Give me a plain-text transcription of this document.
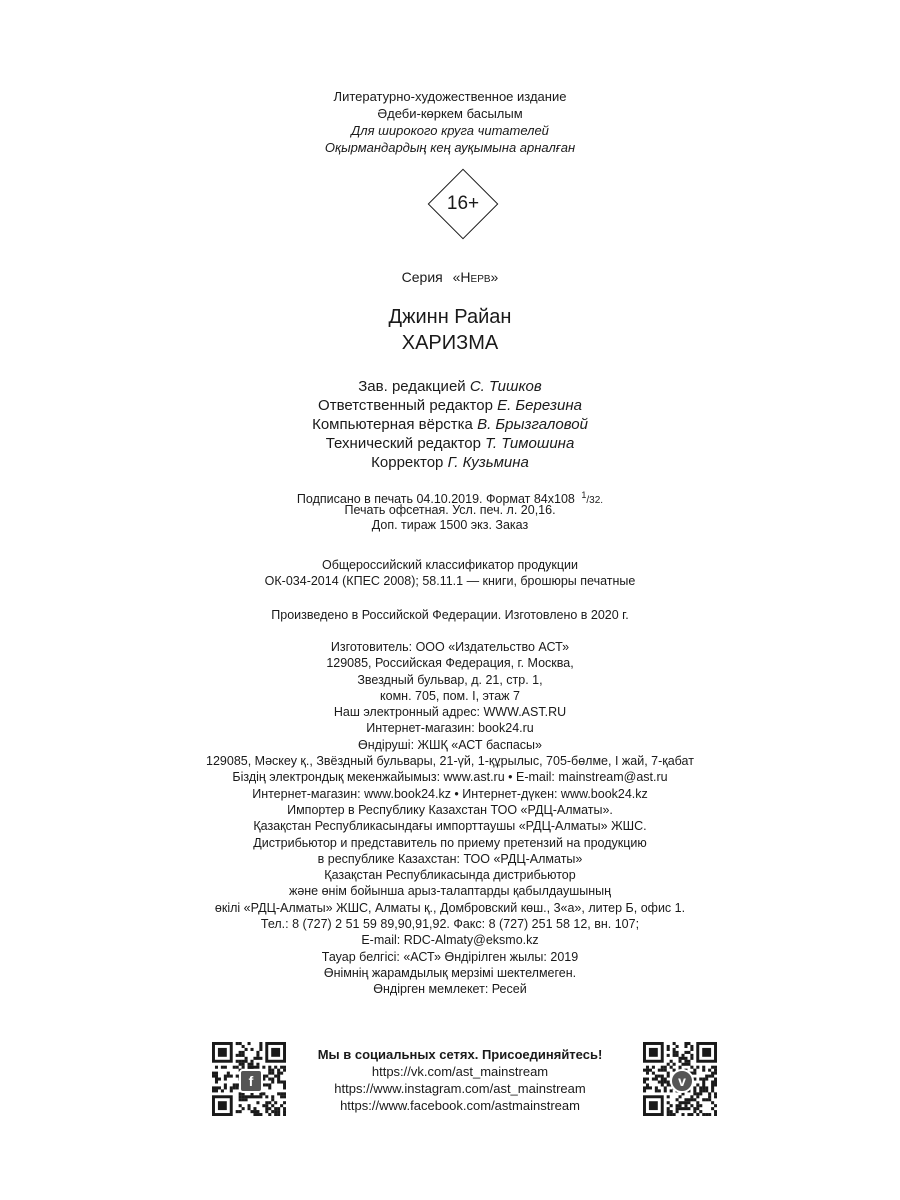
Литературно-художественное издание
Әдеби-көркем басылым
Для широкого круга читателей
Оқырмандардың кең ауқымына арналған
16+
Серия «Нерв»
Джинн Райан
ХАРИЗМА
Зав. редакцией С. Тишков
Ответственный редактор Е. Березина
Компьютерная вёрстка В. Брызгаловой
Технический редактор Т. Тимошина
Корректор Г. Кузьмина
Подписано в печать 04.10.2019. Формат 84x108 $^1$/32.
Печать офсетная. Усл. печ. л. 20,16.
Доп. тираж 1500 экз. Заказ
Общероссийский классификатор продукции
ОК-034-2014 (КПЕС 2008); 58.11.1 — книги, брошюры печатные
Произведено в Российской Федерации. Изготовлено в 2020 г.
Изготовитель: ООО «Издательство АСТ»
129085, Российская Федерация, г. Москва,
Звездный бульвар, д. 21, стр. 1,
комн. 705, пом. I, этаж 7
Наш электронный адрес: WWW.AST.RU
Интернет-магазин: book24.ru
Өндіруші: ЖШҚ «АСТ баспасы»
129085, Мәскеу қ., Звёздный бульвары, 21-үй, 1-құрылыс, 705-бөлме, I жай, 7-қабат
Біздің электрондық мекенжайымыз: www.ast.ru • E-mail: mainstream@ast.ru
Интернет-магазин: www.book24.kz • Интернет-дүкен: www.book24.kz
Импортер в Республику Казахстан ТОО «РДЦ-Алматы».
Қазақстан Республикасындағы импорттаушы «РДЦ-Алматы» ЖШС.
Дистрибьютор и представитель по приему претензий на продукцию
в республике Казахстан: ТОО «РДЦ-Алматы»
Қазақстан Республикасында дистрибьютор
және өнім бойынша арыз-талаптарды қабылдаушының
өкілі «РДЦ-Алматы» ЖШС, Алматы қ., Домбровский көш., 3«а», литер Б, офис 1.
Тел.: 8 (727) 2 51 59 89,90,91,92. Факс: 8 (727) 251 58 12, вн. 107;
E-mail: RDC-Almaty@eksmo.kz
Тауар белгісі: «АСТ» Өндірілген жылы: 2019
Өнімнің жарамдылық мерзімі шектелмеген.
Өндірген мемлекет: Ресей
f
Мы в социальных сетях. Присоединяйтесь!
https://vk.com/ast_mainstream
https://www.instagram.com/ast_mainstream
https://www.facebook.com/astmainstream
v
